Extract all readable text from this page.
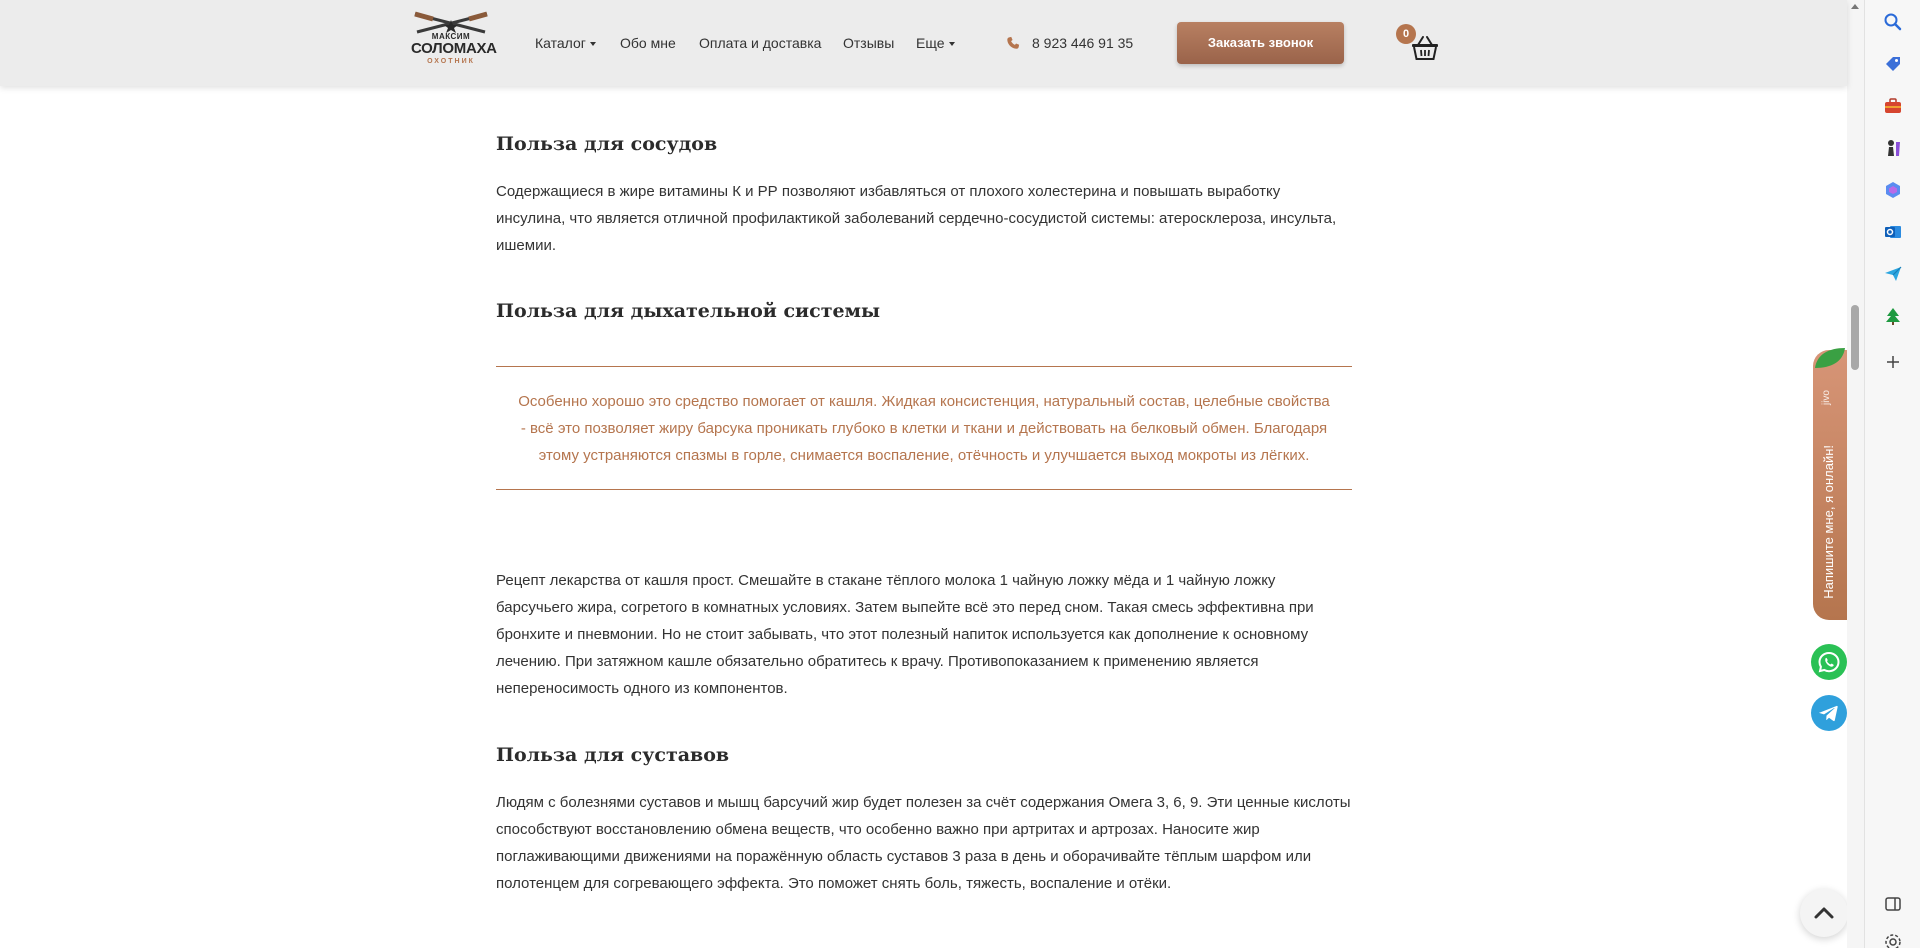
МАКСИМ
СОЛОМАХА
ОХОТНИК
Каталог	Обо мне Оплата и доставка Отзывы Еще	8 923 446 91 35	Заказать звонок
0
Польза для сосудов

Содержащиеся в жире витамины К и РР позволяют избавляться от плохого холестерина и повышать выработку инсулина, что является отличной профилактикой заболеваний сердечно-сосудистой системы: атеросклероза, инсульта, ишемии.

Польза для дыхательной системы

Особенно хорошо это средство помогает от кашля. Жидкая консистенция, натуральный состав, целебные свойства - всё это позволяет жиру барсука проникать глубоко в клетки и ткани и действовать на белковый обмен. Благодаря этому устраняются спазмы в горле, снимается воспаление, отёчность и улучшается выход мокроты из лёгких.

Рецепт лекарства от кашля прост. Смешайте в стакане тёплого молока 1 чайную ложку мёда и 1 чайную ложку барсучьего жира, согретого в комнатных условиях. Затем выпейте всё это перед сном. Такая смесь эффективна при бронхите и пневмонии. Но не стоит забывать, что этот полезный напиток используется как дополнение к основному лечению. При затяжном кашле обязательно обратитесь к врачу. Противопоказанием к применению является непереносимость одного из компонентов.

Польза для суставов

Людям с болезнями суставов и мышц барсучий жир будет полезен за счёт содержания Омега 3, 6, 9. Эти ценные кислоты способствуют восстановлению обмена веществ, что особенно важно при артритах и артрозах. Наносите жир поглаживающими движениями на поражённую область суставов 3 раза в день и оборачивайте тёплым шарфом или полотенцем для согревающего эффекта. Это поможет снять боль, тяжесть, воспаление и отёки.

jivo
Напишите мне, я онлайн!
